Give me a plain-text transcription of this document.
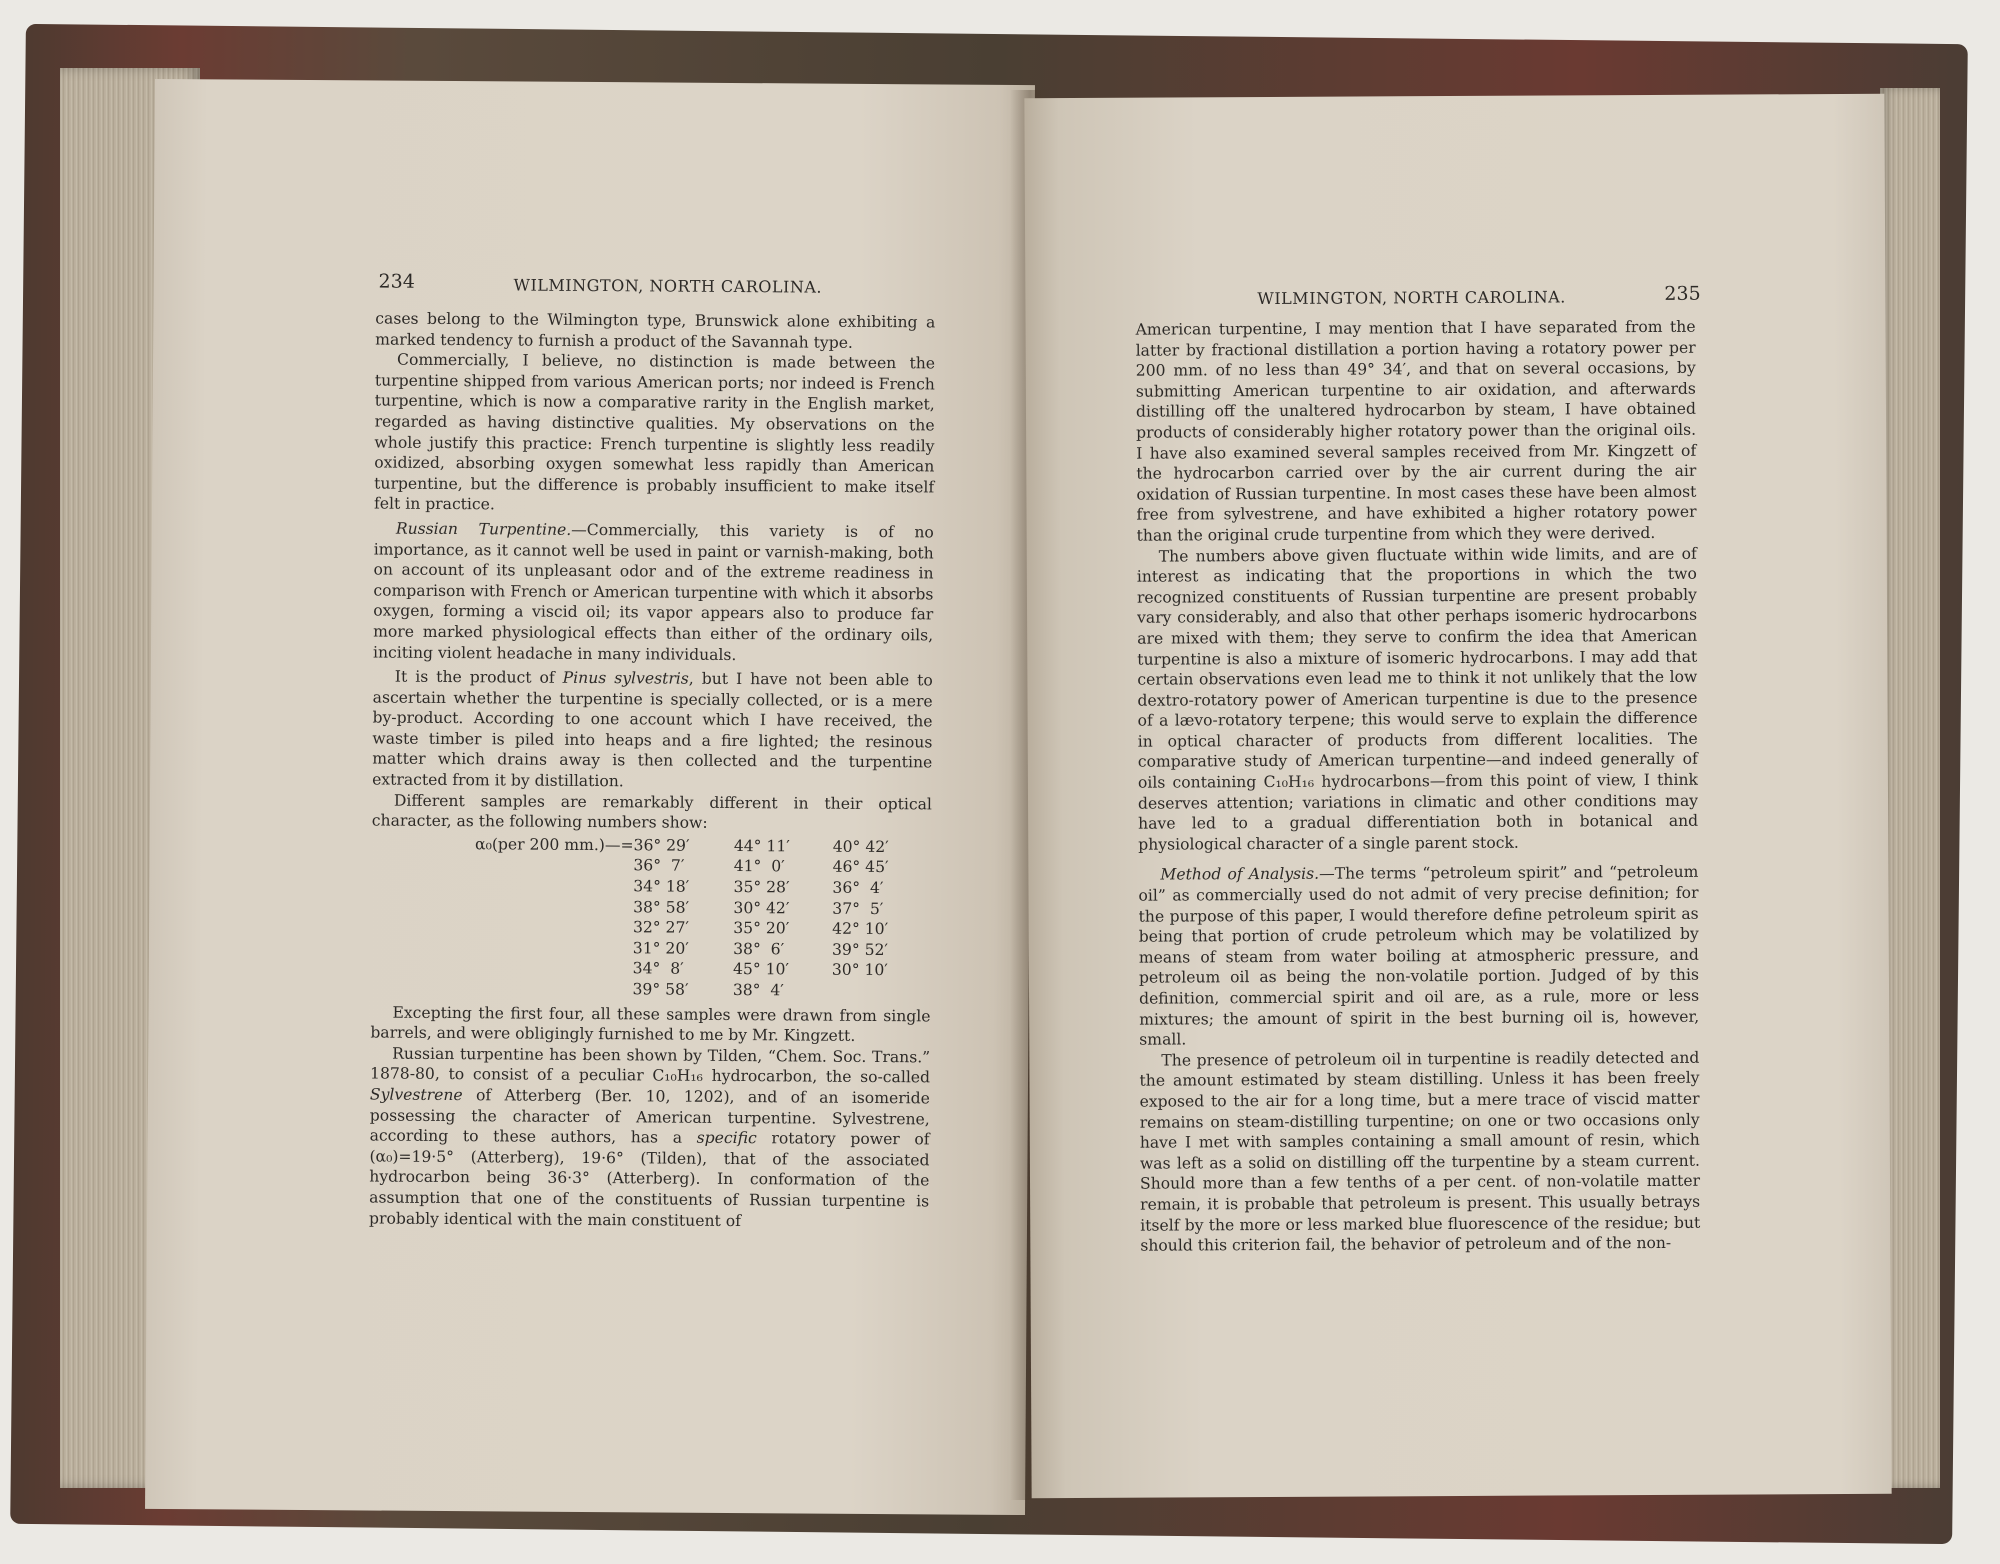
234	WILMINGTON, NORTH CAROLINA.

cases belong to the Wilmington type, Brunswick alone exhibiting a marked tendency to furnish a product of the Savannah type.

Commercially, I believe, no distinction is made between the turpentine shipped from various American ports; nor indeed is French turpentine, which is now a comparative rarity in the English market, regarded as having distinctive qualities. My observations on the whole justify this practice: French turpentine is slightly less readily oxidized, absorbing oxygen somewhat less rapidly than American turpentine, but the difference is probably insufficient to make itself felt in practice.

Russian Turpentine.—Commercially, this variety is of no importance, as it cannot well be used in paint or varnish-making, both on account of its unpleasant odor and of the extreme readiness in comparison with French or American turpentine with which it absorbs oxygen, forming a viscid oil; its vapor appears also to produce far more marked physiological effects than either of the ordinary oils, inciting violent headache in many individuals.

It is the product of Pinus sylvestris, but I have not been able to ascertain whether the turpentine is specially collected, or is a mere by-product. According to one account which I have received, the waste timber is piled into heaps and a fire lighted; the resinous matter which drains away is then collected and the turpentine extracted from it by distillation.

Different samples are remarkably different in their optical character, as the following numbers show:

α₀(per 200 mm.)—=	36° 29′	44° 11′	40° 42′
	36°  7′	41°  0′	46° 45′
	34° 18′	35° 28′	36°  4′
	38° 58′	30° 42′	37°  5′
	32° 27′	35° 20′	42° 10′
	31° 20′	38°  6′	39° 52′
	34°  8′	45° 10′	30° 10′
	39° 58′	38°  4′	

Excepting the first four, all these samples were drawn from single barrels, and were obligingly furnished to me by Mr. Kingzett.

Russian turpentine has been shown by Tilden, “Chem. Soc. Trans.” 1878-80, to consist of a peculiar C₁₀H₁₆ hydrocarbon, the so-called Sylvestrene of Atterberg (Ber. 10, 1202), and of an isomeride possessing the character of American turpentine. Sylvestrene, according to these authors, has a specific rotatory power of (α₀)=19·5° (Atterberg), 19·6° (Tilden), that of the associated hydrocarbon being 36·3° (Atterberg). In conformation of the assumption that one of the constituents of Russian turpentine is probably identical with the main constituent of

WILMINGTON, NORTH CAROLINA.	235

American turpentine, I may mention that I have separated from the latter by fractional distillation a portion having a rotatory power per 200 mm. of no less than 49° 34′, and that on several occasions, by submitting American turpentine to air oxidation, and afterwards distilling off the unaltered hydrocarbon by steam, I have obtained products of considerably higher rotatory power than the original oils. I have also examined several samples received from Mr. Kingzett of the hydrocarbon carried over by the air current during the air oxidation of Russian turpentine. In most cases these have been almost free from sylvestrene, and have exhibited a higher rotatory power than the original crude turpentine from which they were derived.

The numbers above given fluctuate within wide limits, and are of interest as indicating that the proportions in which the two recognized constituents of Russian turpentine are present probably vary considerably, and also that other perhaps isomeric hydrocarbons are mixed with them; they serve to confirm the idea that American turpentine is also a mixture of isomeric hydrocarbons. I may add that certain observations even lead me to think it not unlikely that the low dextro-rotatory power of American turpentine is due to the presence of a lævo-rotatory terpene; this would serve to explain the difference in optical character of products from different localities. The comparative study of American turpentine—and indeed generally of oils containing C₁₀H₁₆ hydrocarbons—from this point of view, I think deserves attention; variations in climatic and other conditions may have led to a gradual differentiation both in botanical and physiological character of a single parent stock.

Method of Analysis.—The terms “petroleum spirit” and “petroleum oil” as commercially used do not admit of very precise definition; for the purpose of this paper, I would therefore define petroleum spirit as being that portion of crude petroleum which may be volatilized by means of steam from water boiling at atmospheric pressure, and petroleum oil as being the non-volatile portion. Judged of by this definition, commercial spirit and oil are, as a rule, more or less mixtures; the amount of spirit in the best burning oil is, however, small.

The presence of petroleum oil in turpentine is readily detected and the amount estimated by steam distilling. Unless it has been freely exposed to the air for a long time, but a mere trace of viscid matter remains on steam-distilling turpentine; on one or two occasions only have I met with samples containing a small amount of resin, which was left as a solid on distilling off the turpentine by a steam current. Should more than a few tenths of a per cent. of non-volatile matter remain, it is probable that petroleum is present. This usually betrays itself by the more or less marked blue fluorescence of the residue; but should this criterion fail, the behavior of petroleum and of the non-
